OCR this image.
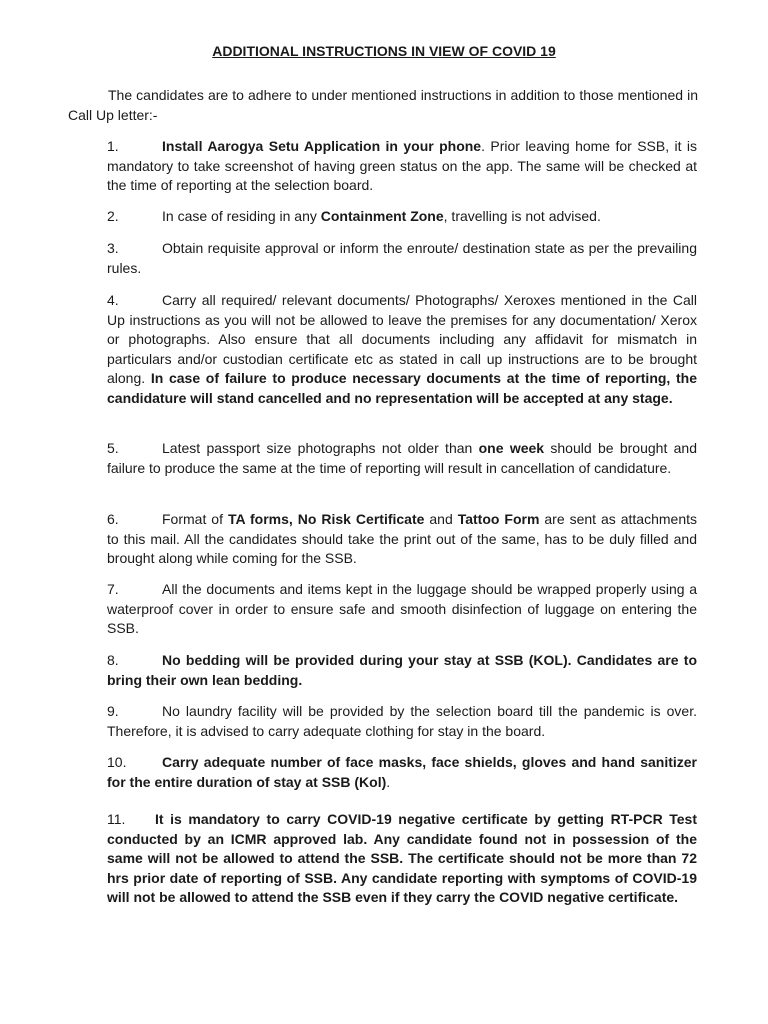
ADDITIONAL INSTRUCTIONS IN VIEW OF COVID 19
The candidates are to adhere to under mentioned instructions in addition to those mentioned in Call Up letter:-
1.	Install Aarogya Setu Application in your phone. Prior leaving home for SSB, it is mandatory to take screenshot of having green status on the app. The same will be checked at the time of reporting at the selection board.
2.	In case of residing in any Containment Zone, travelling is not advised.
3.	Obtain requisite approval or inform the enroute/ destination state as per the prevailing rules.
4.	Carry all required/ relevant documents/ Photographs/ Xeroxes mentioned in the Call Up instructions as you will not be allowed to leave the premises for any documentation/ Xerox or photographs. Also ensure that all documents including any affidavit for mismatch in particulars and/or custodian certificate etc as stated in call up instructions are to be brought along. In case of failure to produce necessary documents at the time of reporting, the candidature will stand cancelled and no representation will be accepted at any stage.
5.	Latest passport size photographs not older than one week should be brought and failure to produce the same at the time of reporting will result in cancellation of candidature.
6.	Format of TA forms, No Risk Certificate and Tattoo Form are sent as attachments to this mail. All the candidates should take the print out of the same, has to be duly filled and brought along while coming for the SSB.
7.	All the documents and items kept in the luggage should be wrapped properly using a waterproof cover in order to ensure safe and smooth disinfection of luggage on entering the SSB.
8.	No bedding will be provided during your stay at SSB (KOL). Candidates are to bring their own lean bedding.
9.	No laundry facility will be provided by the selection board till the pandemic is over. Therefore, it is advised to carry adequate clothing for stay in the board.
10.	Carry adequate number of face masks, face shields, gloves and hand sanitizer for the entire duration of stay at SSB (Kol).
11. It is mandatory to carry COVID-19 negative certificate by getting RT-PCR Test conducted by an ICMR approved lab. Any candidate found not in possession of the same will not be allowed to attend the SSB. The certificate should not be more than 72 hrs prior date of reporting of SSB. Any candidate reporting with symptoms of COVID-19 will not be allowed to attend the SSB even if they carry the COVID negative certificate.
